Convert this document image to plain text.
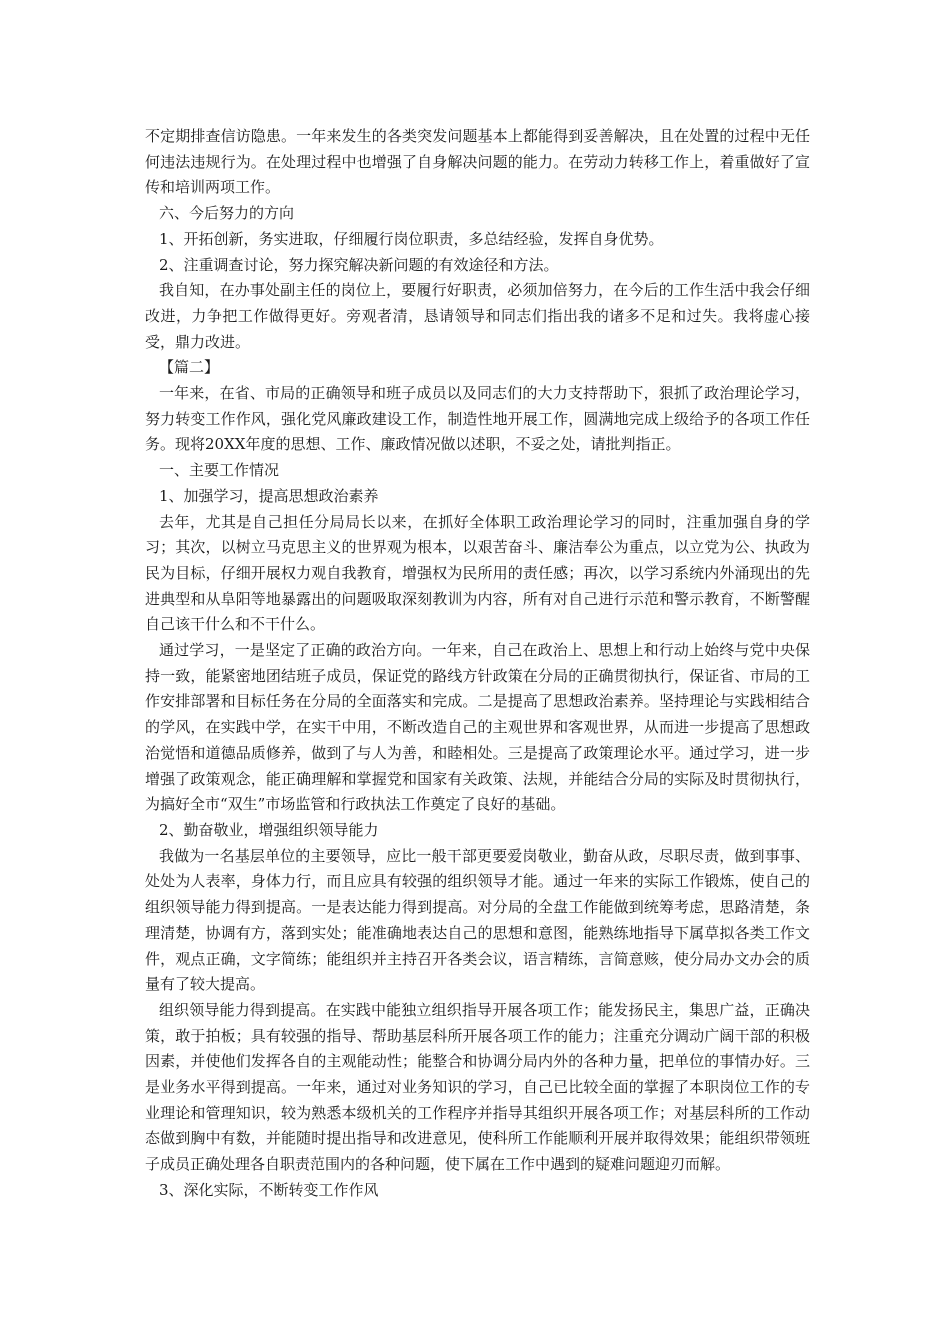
不定期排查信访隐患。一年来发生的各类突发问题基本上都能得到妥善解决，且在处置的过程中无任何违法违规行为。在处理过程中也增强了自身解决问题的能力。在劳动力转移工作上，着重做好了宣传和培训两项工作。

六、今后努力的方向

1、开拓创新，务实进取，仔细履行岗位职责，多总结经验，发挥自身优势。

2、注重调查讨论，努力探究解决新问题的有效途径和方法。

我自知，在办事处副主任的岗位上，要履行好职责，必须加倍努力，在今后的工作生活中我会仔细改进，力争把工作做得更好。旁观者清，恳请领导和同志们指出我的诸多不足和过失。我将虚心接受，鼎力改进。

【篇二】

一年来，在省、市局的正确领导和班子成员以及同志们的大力支持帮助下，狠抓了政治理论学习，努力转变工作作风，强化党风廉政建设工作，制造性地开展工作，圆满地完成上级给予的各项工作任务。现将20XX年度的思想、工作、廉政情况做以述职，不妥之处，请批判指正。

一、主要工作情况

1、加强学习，提高思想政治素养

去年，尤其是自己担任分局局长以来，在抓好全体职工政治理论学习的同时，注重加强自身的学习；其次，以树立马克思主义的世界观为根本，以艰苦奋斗、廉洁奉公为重点，以立党为公、执政为民为目标，仔细开展权力观自我教育，增强权为民所用的责任感；再次，以学习系统内外涌现出的先进典型和从阜阳等地暴露出的问题吸取深刻教训为内容，所有对自己进行示范和警示教育，不断警醒自己该干什么和不干什么。

通过学习，一是坚定了正确的政治方向。一年来，自己在政治上、思想上和行动上始终与党中央保持一致，能紧密地团结班子成员，保证党的路线方针政策在分局的正确贯彻执行，保证省、市局的工作安排部署和目标任务在分局的全面落实和完成。二是提高了思想政治素养。坚持理论与实践相结合的学风，在实践中学，在实干中用，不断改造自己的主观世界和客观世界，从而进一步提高了思想政治觉悟和道德品质修养，做到了与人为善，和睦相处。三是提高了政策理论水平。通过学习，进一步增强了政策观念，能正确理解和掌握党和国家有关政策、法规，并能结合分局的实际及时贯彻执行，为搞好全市“双生”市场监管和行政执法工作奠定了良好的基础。

2、勤奋敬业，增强组织领导能力

我做为一名基层单位的主要领导，应比一般干部更要爱岗敬业，勤奋从政，尽职尽责，做到事事、处处为人表率，身体力行，而且应具有较强的组织领导才能。通过一年来的实际工作锻炼，使自己的组织领导能力得到提高。一是表达能力得到提高。对分局的全盘工作能做到统筹考虑，思路清楚，条理清楚，协调有方，落到实处；能准确地表达自己的思想和意图，能熟练地指导下属草拟各类工作文件，观点正确，文字简练；能组织并主持召开各类会议，语言精练，言简意赅，使分局办文办会的质量有了较大提高。

组织领导能力得到提高。在实践中能独立组织指导开展各项工作；能发扬民主，集思广益，正确决策，敢于拍板；具有较强的指导、帮助基层科所开展各项工作的能力；注重充分调动广阔干部的积极因素，并使他们发挥各自的主观能动性；能整合和协调分局内外的各种力量，把单位的事情办好。三是业务水平得到提高。一年来，通过对业务知识的学习，自己已比较全面的掌握了本职岗位工作的专业理论和管理知识，较为熟悉本级机关的工作程序并指导其组织开展各项工作；对基层科所的工作动态做到胸中有数，并能随时提出指导和改进意见，使科所工作能顺利开展并取得效果；能组织带领班子成员正确处理各自职责范围内的各种问题，使下属在工作中遇到的疑难问题迎刃而解。

3、深化实际，不断转变工作作风
